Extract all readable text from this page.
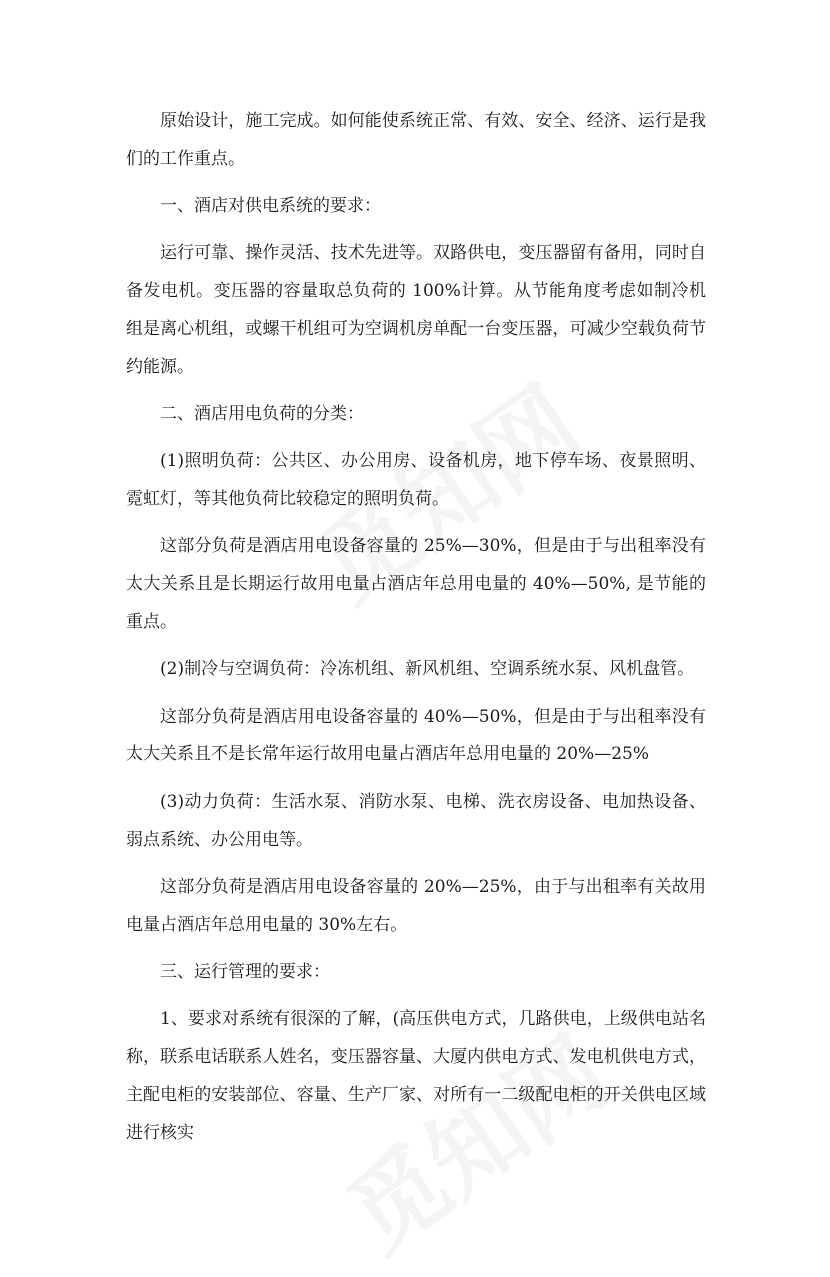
原始设计，施工完成。如何能使系统正常、有效、安全、经济、运行是我们的工作重点。

一、酒店对供电系统的要求：

运行可靠、操作灵活、技术先进等。双路供电，变压器留有备用，同时自备发电机。变压器的容量取总负荷的 100%计算。从节能角度考虑如制冷机组是离心机组，或螺干机组可为空调机房单配一台变压器，可减少空载负荷节约能源。

二、酒店用电负荷的分类：

(1)照明负荷：公共区、办公用房、设备机房，地下停车场、夜景照明、霓虹灯，等其他负荷比较稳定的照明负荷。

这部分负荷是酒店用电设备容量的 25%—30%，但是由于与出租率没有太大关系且是长期运行故用电量占酒店年总用电量的 40%—50%, 是节能的重点。

(2)制冷与空调负荷：冷冻机组、新风机组、空调系统水泵、风机盘管。

这部分负荷是酒店用电设备容量的 40%—50%，但是由于与出租率没有太大关系且不是长常年运行故用电量占酒店年总用电量的 20%—25%

(3)动力负荷：生活水泵、消防水泵、电梯、洗衣房设备、电加热设备、弱点系统、办公用电等。

这部分负荷是酒店用电设备容量的 20%—25%，由于与出租率有关故用电量占酒店年总用电量的 30%左右。

三、运行管理的要求：

1、要求对系统有很深的了解，(高压供电方式，几路供电，上级供电站名称，联系电话联系人姓名，变压器容量、大厦内供电方式、发电机供电方式，主配电柜的安装部位、容量、生产厂家、对所有一二级配电柜的开关供电区域进行核实
